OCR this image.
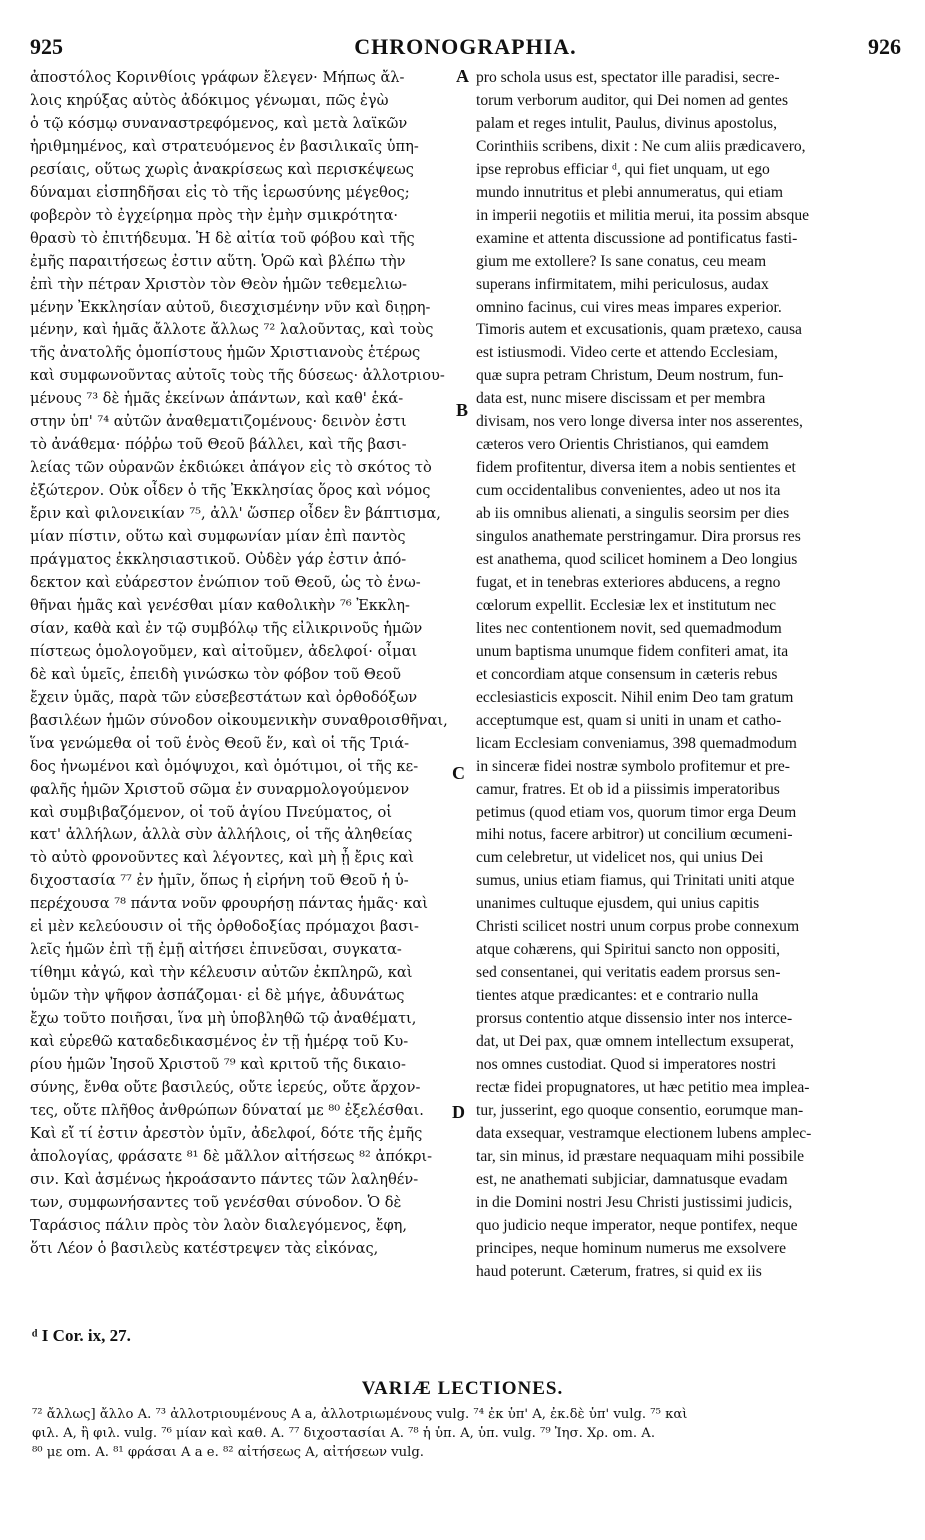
925	CHRONOGRAPHIA.	926
ἀποστόλος Κορινθίοις γράφων ἔλεγεν· Μήπως ἄλ-
λοις κηρύξας αὐτὸς ἀδόκιμος γένωμαι, πῶς ἐγὼ
ὁ τῷ κόσμῳ συναναστρεφόμενος, καὶ μετὰ λαϊκῶν
ἠριθμημένος, καὶ στρατευόμενος ἐν βασιλικαῖς ὑπη-
ρεσίαις, οὕτως χωρὶς ἀνακρίσεως καὶ περισκέψεως
δύναμαι εἰσπηδῆσαι εἰς τὸ τῆς ἱερωσύνης μέγεθος;
φοβερὸν τὸ ἐγχείρημα πρὸς τὴν ἐμὴν σμικρότητα·
θρασὺ τὸ ἐπιτήδευμα. Ἡ δὲ αἰτία τοῦ φόβου καὶ τῆς
ἐμῆς παραιτήσεως ἐστιν αὕτη. Ὁρῶ καὶ βλέπω τὴν
ἐπὶ τὴν πέτραν Χριστὸν τὸν Θεὸν ἡμῶν τεθεμελιω-
μένην Ἐκκλησίαν αὐτοῦ, διεσχισμένην νῦν καὶ διῃρη-
μένην, καὶ ἡμᾶς ἄλλοτε ἄλλως ⁷² λαλοῦντας, καὶ τοὺς
τῆς ἀνατολῆς ὁμοπίστους ἡμῶν Χριστιανοὺς ἑτέρως
καὶ συμφωνοῦντας αὐτοῖς τοὺς τῆς δύσεως· ἀλλοτριου-
μένους ⁷³ δὲ ἡμᾶς ἐκείνων ἁπάντων, καὶ καθ' ἑκά-
στην ὑπ' ⁷⁴ αὐτῶν ἀναθεματιζομένους· δεινὸν ἐστι
τὸ ἀνάθεμα· πόῤῥω τοῦ Θεοῦ βάλλει, καὶ τῆς βασι-
λείας τῶν οὐρανῶν ἐκδιώκει ἀπάγον εἰς τὸ σκότος τὸ
ἐξώτερον. Οὐκ οἶδεν ὁ τῆς Ἐκκλησίας ὅρος καὶ νόμος
ἔριν καὶ φιλονεικίαν ⁷⁵, ἀλλ' ὥσπερ οἶδεν ἓν βάπτισμα,
μίαν πίστιν, οὕτω καὶ συμφωνίαν μίαν ἐπὶ παντὸς
πράγματος ἐκκλησιαστικοῦ. Οὐδὲν γάρ ἐστιν ἀπό-
δεκτον καὶ εὐάρεστον ἐνώπιον τοῦ Θεοῦ, ὡς τὸ ἑνω-
θῆναι ἡμᾶς καὶ γενέσθαι μίαν καθολικὴν ⁷⁶ Ἐκκλη-
σίαν, καθὰ καὶ ἐν τῷ συμβόλῳ τῆς εἰλικρινοῦς ἡμῶν
πίστεως ὁμολογοῦμεν, καὶ αἰτοῦμεν, ἀδελφοί· οἶμαι
δὲ καὶ ὑμεῖς, ἐπειδὴ γινώσκω τὸν φόβον τοῦ Θεοῦ
ἔχειν ὑμᾶς, παρὰ τῶν εὐσεβεστάτων καὶ ὀρθοδόξων
βασιλέων ἡμῶν σύνοδον οἰκουμενικὴν συναθροισθῆναι,
ἵνα γενώμεθα οἱ τοῦ ἑνὸς Θεοῦ ἕν, καὶ οἱ τῆς Τριά-
δος ἡνωμένοι καὶ ὁμόψυχοι, καὶ ὁμότιμοι, οἱ τῆς κε-
φαλῆς ἡμῶν Χριστοῦ σῶμα ἐν συναρμολογούμενον
καὶ συμβιβαζόμενον, οἱ τοῦ ἁγίου Πνεύματος, οἱ
κατ' ἀλλήλων, ἀλλὰ σὺν ἀλλήλοις, οἱ τῆς ἀληθείας
τὸ αὐτὸ φρονοῦντες καὶ λέγοντες, καὶ μὴ ᾖ ἔρις καὶ
διχοστασία ⁷⁷ ἐν ἡμῖν, ὅπως ἡ εἰρήνη τοῦ Θεοῦ ἡ ὑ-
περέχουσα ⁷⁸ πάντα νοῦν φρουρήσῃ πάντας ἡμᾶς· καὶ
εἰ μὲν κελεύουσιν οἱ τῆς ὀρθοδοξίας πρόμαχοι βασι-
λεῖς ἡμῶν ἐπὶ τῇ ἐμῇ αἰτήσει ἐπινεῦσαι, συγκατα-
τίθημι κἀγώ, καὶ τὴν κέλευσιν αὐτῶν ἐκπληρῶ, καὶ
ὑμῶν τὴν ψῆφον ἀσπάζομαι· εἰ δὲ μήγε, ἀδυνάτως
ἔχω τοῦτο ποιῆσαι, ἵνα μὴ ὑποβληθῶ τῷ ἀναθέματι,
καὶ εὑρεθῶ καταδεδικασμένος ἐν τῇ ἡμέρᾳ τοῦ Κυ-
ρίου ἡμῶν Ἰησοῦ Χριστοῦ ⁷⁹ καὶ κριτοῦ τῆς δικαιο-
σύνης, ἔνθα οὔτε βασιλεύς, οὔτε ἱερεύς, οὔτε ἄρχον-
τες, οὔτε πλῆθος ἀνθρώπων δύναταί με ⁸⁰ ἐξελέσθαι.
Καὶ εἴ τί ἐστιν ἀρεστὸν ὑμῖν, ἀδελφοί, δότε τῆς ἐμῆς
ἀπολογίας, φράσατε ⁸¹ δὲ μᾶλλον αἰτήσεως ⁸² ἀπόκρι-
σιν. Καὶ ἀσμένως ἠκροάσαντο πάντες τῶν λαληθέν-
των, συμφωνήσαντες τοῦ γενέσθαι σύνοδον. Ὁ δὲ
Ταράσιος πάλιν πρὸς τὸν λαὸν διαλεγόμενος, ἔφη,
ὅτι Λέον ὁ βασιλεὺς κατέστρεψεν τὰς εἰκόνας,
pro schola usus est, spectator ille paradisi, secre-
torum verborum auditor, qui Dei nomen ad gentes
palam et reges intulit, Paulus, divinus apostolus,
Corinthiis scribens, dixit : Ne cum aliis prædicavero,
ipse reprobus efficiar ᵈ, qui fiet unquam, ut ego
mundo innutritus et plebi annumeratus, qui etiam
in imperii negotiis et militia merui, ita possim absque
examine et attenta discussione ad pontificatus fasti-
gium me extollere? Is sane conatus, ceu meam
superans infirmitatem, mihi periculosus, audax
omnino facinus, cui vires meas impares experior.
Timoris autem et excusationis, quam prætexo, causa
est istiusmodi. Video certe et attendo Ecclesiam,
quæ supra petram Christum, Deum nostrum, fun-
data est, nunc misere discissam et per membra
divisam, nos vero longe diversa inter nos asserentes,
cæteros vero Orientis Christianos, qui eamdem
fidem profitentur, diversa item a nobis sentientes et
cum occidentalibus convenientes, adeo ut nos ita
ab iis omnibus alienati, a singulis seorsim per dies
singulos anathemate perstringamur. Dira prorsus res
est anathema, quod scilicet hominem a Deo longius
fugat, et in tenebras exteriores abducens, a regno
cœlorum expellit. Ecclesiæ lex et institutum nec
lites nec contentionem novit, sed quemadmodum
unum baptisma unumque fidem confiteri amat, ita
et concordiam atque consensum in cæteris rebus
ecclesiasticis exposcit. Nihil enim Deo tam gratum
acceptumque est, quam si uniti in unam et catho-
licam Ecclesiam conveniamus, 398 quemadmodum
in sinceræ fidei nostræ symbolo profitemur et pre-
camur, fratres. Et ob id a piissimis imperatoribus
petimus (quod etiam vos, quorum timor erga Deum
mihi notus, facere arbitror) ut concilium œcumeni-
cum celebretur, ut videlicet nos, qui unius Dei
sumus, unius etiam fiamus, qui Trinitati uniti atque
unanimes cultuque ejusdem, qui unius capitis
Christi scilicet nostri unum corpus probe connexum
atque cohærens, qui Spiritui sancto non oppositi,
sed consentanei, qui veritatis eadem prorsus sen-
tientes atque prædicantes: et e contrario nulla
prorsus contentio atque dissensio inter nos interce-
dat, ut Dei pax, quæ omnem intellectum exsuperat,
nos omnes custodiat. Quod si imperatores nostri
rectæ fidei propugnatores, ut hæc petitio mea implea-
tur, jusserint, ego quoque consentio, eorumque man-
data exsequar, vestramque electionem lubens amplec-
tar, sin minus, id præstare nequaquam mihi possibile
est, ne anathemati subjiciar, damnatusque evadam
in die Domini nostri Jesu Christi justissimi judicis,
quo judicio neque imperator, neque pontifex, neque
principes, neque hominum numerus me exsolvere
haud poterunt. Cæterum, fratres, si quid ex iis
A
B
C
D
ᵈ I Cor. ix, 27.
VARIÆ LECTIONES.
⁷² ἄλλως] ἄλλο A. ⁷³ ἀλλοτριουμένους A a, ἀλλοτριωμένους vulg. ⁷⁴ ἐκ ὑπ' A, ἐκ.δὲ ὑπ' vulg. ⁷⁵ καὶ
φιλ. A, ἢ φιλ. vulg. ⁷⁶ μίαν καὶ καθ. A. ⁷⁷ διχοστασίαι A. ⁷⁸ ἡ ὑπ. A, ὑπ. vulg. ⁷⁹ Ἰησ. Χρ. om. A.
⁸⁰ με om. A. ⁸¹ φράσαι A a e. ⁸² αἰτήσεως A, αἰτήσεων vulg.
